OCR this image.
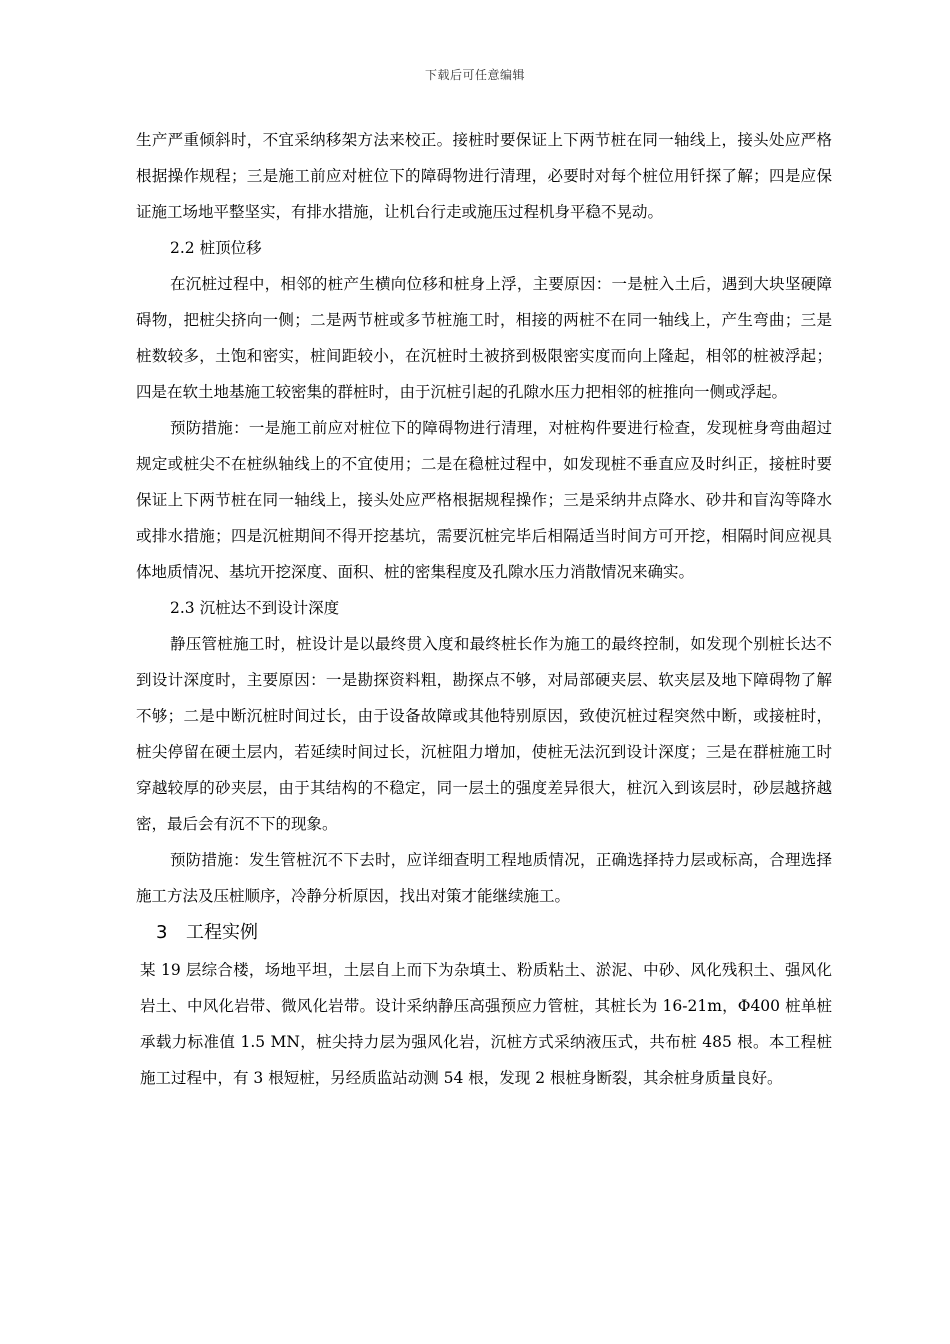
下载后可任意编辑

生产严重倾斜时，不宜采纳移架方法来校正。接桩时要保证上下两节桩在同一轴线上，接头处应严格根据操作规程；三是施工前应对桩位下的障碍物进行清理，必要时对每个桩位用钎探了解；四是应保证施工场地平整坚实，有排水措施，让机台行走或施压过程机身平稳不晃动。

2.2 桩顶位移

在沉桩过程中，相邻的桩产生横向位移和桩身上浮，主要原因：一是桩入土后，遇到大块坚硬障碍物，把桩尖挤向一侧；二是两节桩或多节桩施工时，相接的两桩不在同一轴线上，产生弯曲；三是桩数较多，土饱和密实，桩间距较小，在沉桩时土被挤到极限密实度而向上隆起，相邻的桩被浮起；四是在软土地基施工较密集的群桩时，由于沉桩引起的孔隙水压力把相邻的桩推向一侧或浮起。

预防措施：一是施工前应对桩位下的障碍物进行清理，对桩构件要进行检查，发现桩身弯曲超过规定或桩尖不在桩纵轴线上的不宜使用；二是在稳桩过程中，如发现桩不垂直应及时纠正，接桩时要保证上下两节桩在同一轴线上，接头处应严格根据规程操作；三是采纳井点降水、砂井和盲沟等降水或排水措施；四是沉桩期间不得开挖基坑，需要沉桩完毕后相隔适当时间方可开挖，相隔时间应视具体地质情况、基坑开挖深度、面积、桩的密集程度及孔隙水压力消散情况来确实。

2.3 沉桩达不到设计深度

静压管桩施工时，桩设计是以最终贯入度和最终桩长作为施工的最终控制，如发现个别桩长达不到设计深度时，主要原因：一是勘探资料粗，勘探点不够，对局部硬夹层、软夹层及地下障碍物了解不够；二是中断沉桩时间过长，由于设备故障或其他特别原因，致使沉桩过程突然中断，或接桩时，桩尖停留在硬土层内，若延续时间过长，沉桩阻力增加，使桩无法沉到设计深度；三是在群桩施工时穿越较厚的砂夹层，由于其结构的不稳定，同一层土的强度差异很大，桩沉入到该层时，砂层越挤越密，最后会有沉不下的现象。

预防措施：发生管桩沉不下去时，应详细查明工程地质情况，正确选择持力层或标高，合理选择施工方法及压桩顺序，冷静分析原因，找出对策才能继续施工。

3 工程实例

某 19 层综合楼，场地平坦，土层自上而下为杂填土、粉质粘土、淤泥、中砂、风化残积土、强风化岩土、中风化岩带、微风化岩带。设计采纳静压高强预应力管桩，其桩长为 16-21m，Φ400 桩单桩承载力标准值 1.5 MN，桩尖持力层为强风化岩，沉桩方式采纳液压式，共布桩 485 根。本工程桩施工过程中，有 3 根短桩，另经质监站动测 54 根，发现 2 根桩身断裂，其余桩身质量良好。
